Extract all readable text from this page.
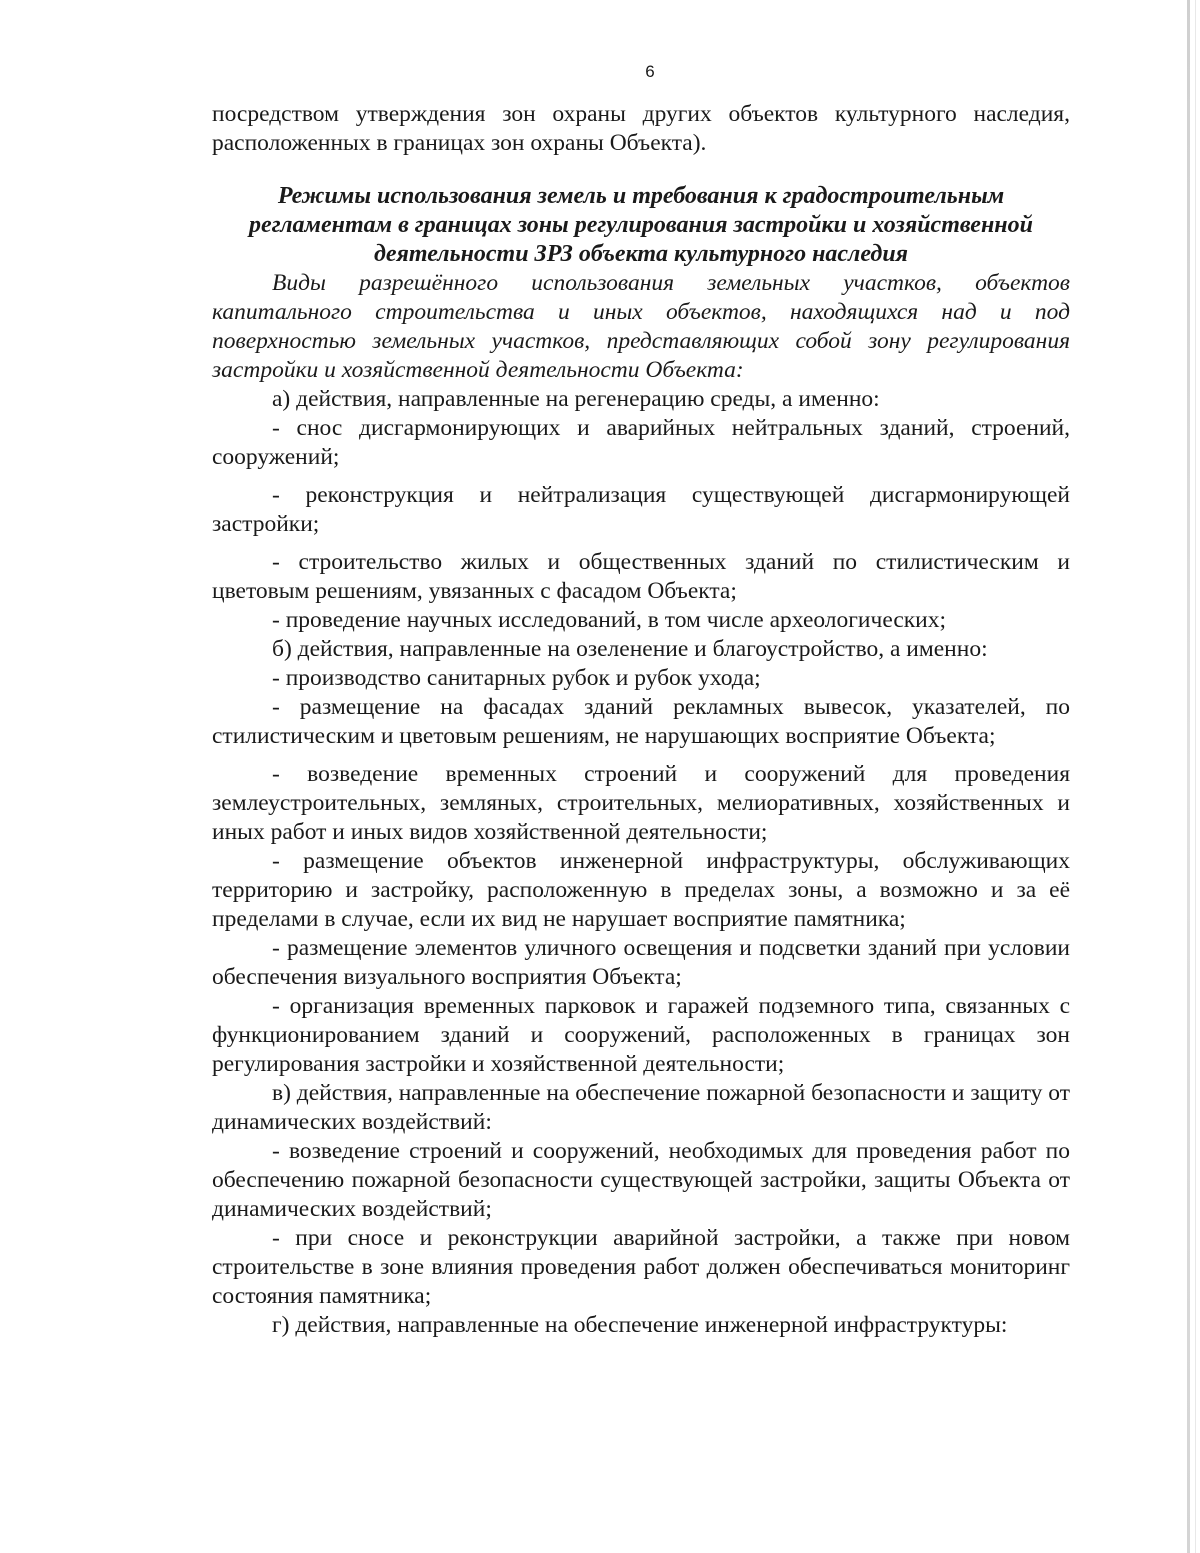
6

посредством утверждения зон охраны других объектов культурного наследия, расположенных в границах зон охраны Объекта).

Режимы использования земель и требования к градостроительным регламентам в границах зоны регулирования застройки и хозяйственной деятельности ЗРЗ объекта культурного наследия

Виды разрешённого использования земельных участков, объектов капитального строительства и иных объектов, находящихся над и под поверхностью земельных участков, представляющих собой зону регулирования застройки и хозяйственной деятельности Объекта:

а) действия, направленные на регенерацию среды, а именно:

- снос дисгармонирующих и аварийных нейтральных зданий, строений, сооружений;

- реконструкция и нейтрализация существующей дисгармонирующей застройки;

- строительство жилых и общественных зданий по стилистическим и цветовым решениям, увязанных с фасадом Объекта;

- проведение научных исследований, в том числе археологических;

б) действия, направленные на озеленение и благоустройство, а именно:

- производство санитарных рубок и рубок ухода;

- размещение на фасадах зданий рекламных вывесок, указателей, по стилистическим и цветовым решениям, не нарушающих восприятие Объекта;

- возведение временных строений и сооружений для проведения землеустроительных, земляных, строительных, мелиоративных, хозяйственных и иных работ и иных видов хозяйственной деятельности;

- размещение объектов инженерной инфраструктуры, обслуживающих территорию и застройку, расположенную в пределах зоны, а возможно и за её пределами в случае, если их вид не нарушает восприятие памятника;

- размещение элементов уличного освещения и подсветки зданий при условии обеспечения визуального восприятия Объекта;

- организация временных парковок и гаражей подземного типа, связанных с функционированием зданий и сооружений, расположенных в границах зон регулирования застройки и хозяйственной деятельности;

в) действия, направленные на обеспечение пожарной безопасности и защиту от динамических воздействий:

- возведение строений и сооружений, необходимых для проведения работ по обеспечению пожарной безопасности существующей застройки, защиты Объекта от динамических воздействий;

- при сносе и реконструкции аварийной застройки, а также при новом строительстве в зоне влияния проведения работ должен обеспечиваться мониторинг состояния памятника;

г) действия, направленные на обеспечение инженерной инфраструктуры:
